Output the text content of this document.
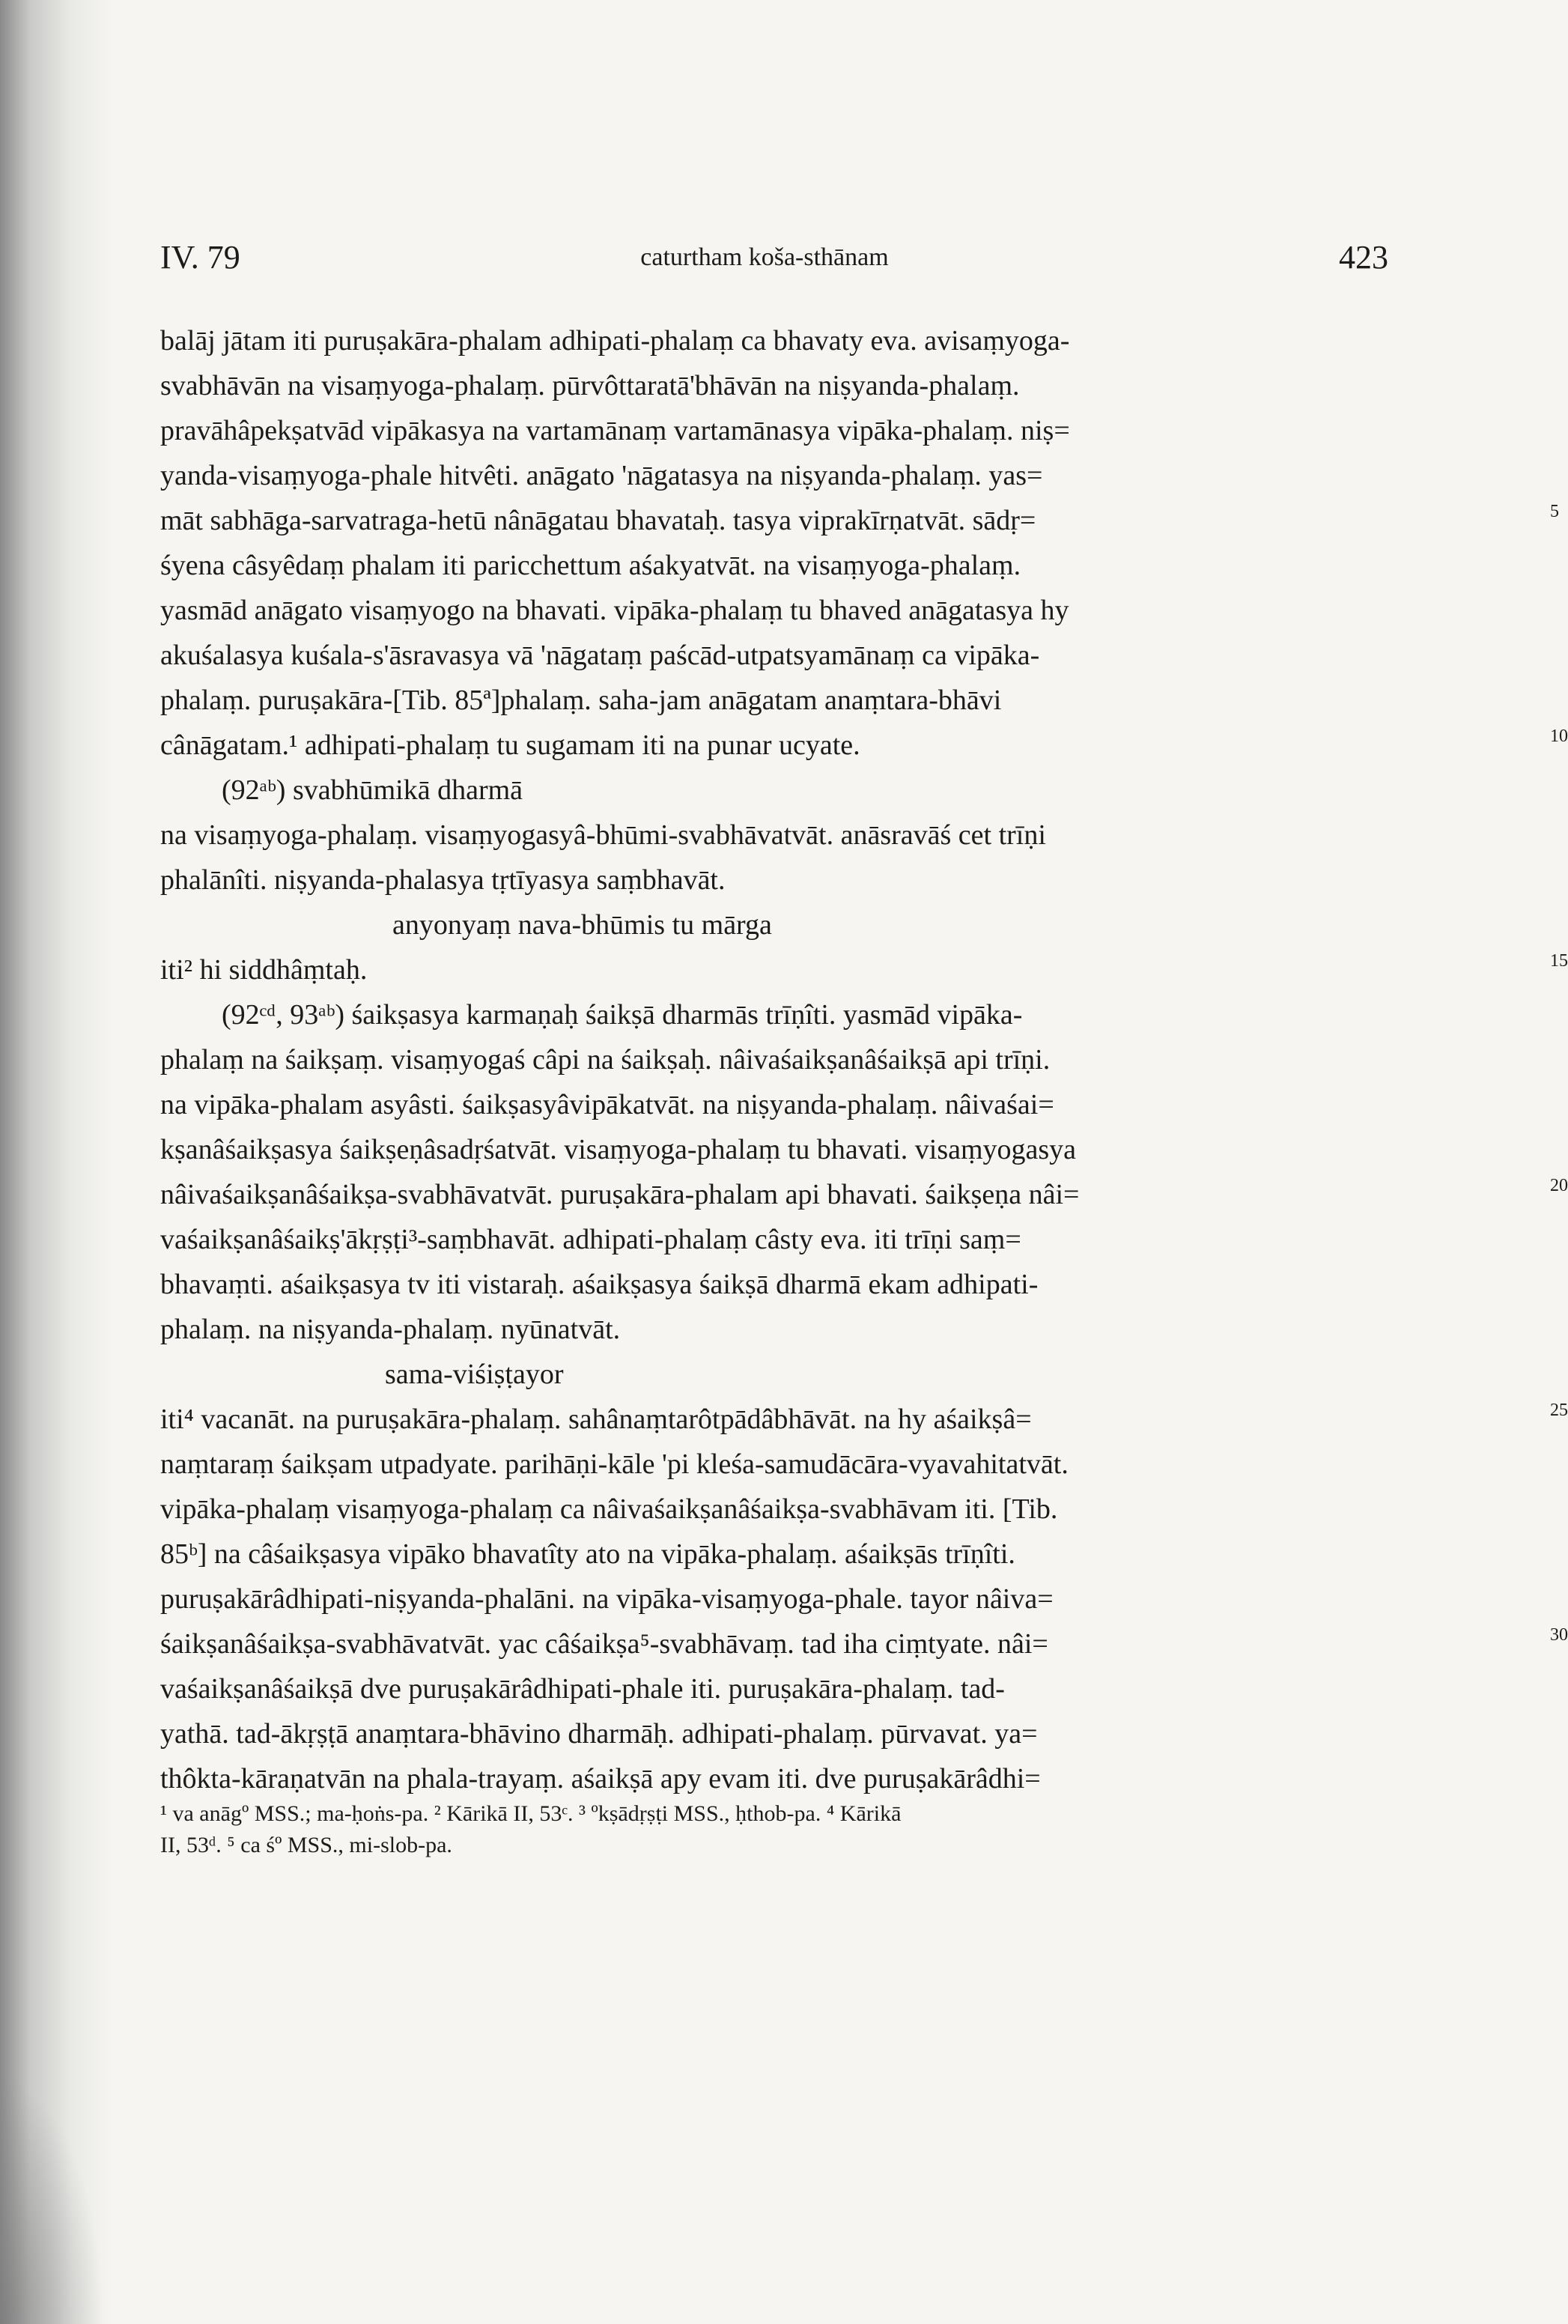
IV. 79	caturtham koša-sthānam	423
balāj jātam iti puruṣakāra-phalam adhipati-phalaṃ ca bhavaty eva. avisaṃyoga-
svabhāvān na visaṃyoga-phalaṃ. pūrvôttaratā'bhāvān na niṣyanda-phalaṃ.
pravāhâpekṣatvād vipākasya na vartamānaṃ vartamānasya vipāka-phalaṃ. niṣ=
yanda-visaṃyoga-phale hitvêti. anāgato 'nāgatasya na niṣyanda-phalaṃ. yas=
māt sabhāga-sarvatraga-hetū nânāgatau bhavataḥ. tasya viprakīrṇatvāt. sādṛ=
śyena câsyêdaṃ phalam iti paricchettum aśakyatvāt. na visaṃyoga-phalaṃ.
yasmād anāgato visaṃyogo na bhavati. vipāka-phalaṃ tu bhaved anāgatasya hy
akuśalasya kuśala-s'āsravasya vā 'nāgataṃ paścād-utpatsyamānaṃ ca vipāka-
phalaṃ. puruṣakāra-[Tib. 85ª]phalaṃ. saha-jam anāgatam anaṃtara-bhāvi
cânāgatam.¹ adhipati-phalaṃ tu sugamam iti na punar ucyate.
(92ᵃᵇ) svabhūmikā dharmā
na visaṃyoga-phalaṃ. visaṃyogasyâ-bhūmi-svabhāvatvāt. anāsravāś cet trīṇi
phalānîti. niṣyanda-phalasya tṛtīyasya saṃbhavāt.
anyonyaṃ nava-bhūmis tu mārga
iti² hi siddhâṃtaḥ.
(92ᶜᵈ, 93ᵃᵇ) śaikṣasya karmaṇaḥ śaikṣā dharmās trīṇîti. yasmād vipāka-
phalaṃ na śaikṣaṃ. visaṃyogaś câpi na śaikṣaḥ. nâivaśaikṣanâśaikṣā api trīṇi.
na vipāka-phalam asyâsti. śaikṣasyâvipākatvāt. na niṣyanda-phalaṃ. nâivaśai=
kṣanâśaikṣasya śaikṣeṇâsadṛśatvāt. visaṃyoga-phalaṃ tu bhavati. visaṃyogasya
nâivaśaikṣanâśaikṣa-svabhāvatvāt. puruṣakāra-phalam api bhavati. śaikṣeṇa nâi=
vaśaikṣanâśaikṣ'ākṛṣṭi³-saṃbhavāt. adhipati-phalaṃ câsty eva. iti trīṇi saṃ=
bhavaṃti. aśaikṣasya tv iti vistaraḥ. aśaikṣasya śaikṣā dharmā ekam adhipati-
phalaṃ. na niṣyanda-phalaṃ. nyūnatvāt.
sama-viśiṣṭayor
iti⁴ vacanāt. na puruṣakāra-phalaṃ. sahânaṃtarôtpādâbhāvāt. na hy aśaikṣâ=
naṃtaraṃ śaikṣam utpadyate. parihāṇi-kāle 'pi kleśa-samudācāra-vyavahitatvāt.
vipāka-phalaṃ visaṃyoga-phalaṃ ca nâivaśaikṣanâśaikṣa-svabhāvam iti. [Tib.
85ᵇ] na câśaikṣasya vipāko bhavatîty ato na vipāka-phalaṃ. aśaikṣās trīṇîti.
puruṣakārâdhipati-niṣyanda-phalāni. na vipāka-visaṃyoga-phale. tayor nâiva=
śaikṣanâśaikṣa-svabhāvatvāt. yac câśaikṣa⁵-svabhāvaṃ. tad iha ciṃtyate. nâi=
vaśaikṣanâśaikṣā dve puruṣakārâdhipati-phale iti. puruṣakāra-phalaṃ. tad-
yathā. tad-ākṛṣṭā anaṃtara-bhāvino dharmāḥ. adhipati-phalaṃ. pūrvavat. ya=
thôkta-kāraṇatvān na phala-trayaṃ. aśaikṣā apy evam iti. dve puruṣakārâdhi=
5
10
15
20
25
30
¹ va anāgº MSS.; ma-ḥoṅs-pa. ² Kārikā II, 53ᶜ. ³ ºkṣādṛṣṭi MSS., ḥthob-pa. ⁴ Kārikā
II, 53ᵈ. ⁵ ca śº MSS., mi-slob-pa.
